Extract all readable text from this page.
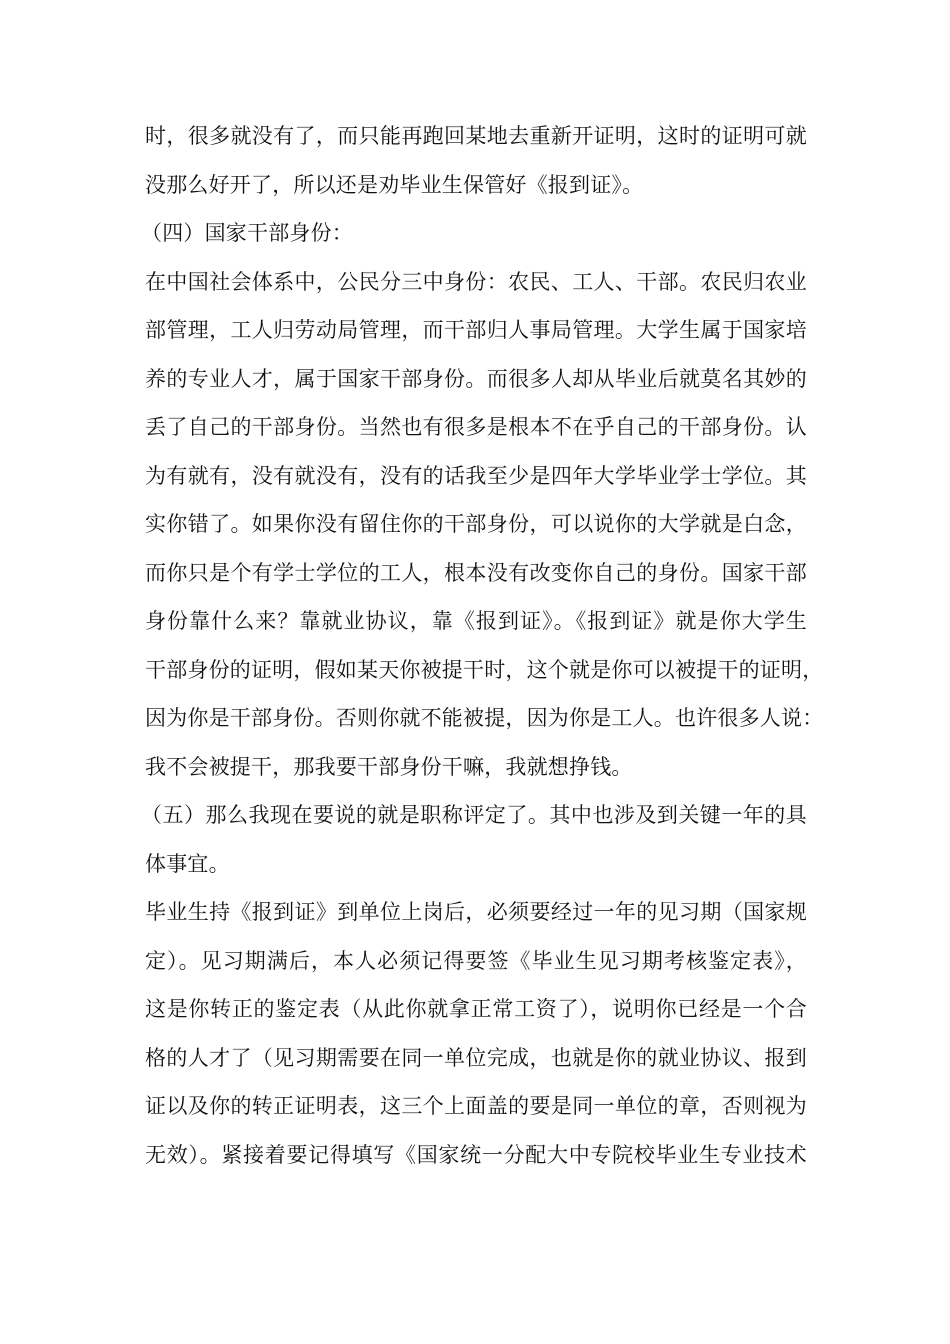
时，很多就没有了，而只能再跑回某地去重新开证明，这时的证明可就
没那么好开了，所以还是劝毕业生保管好《报到证》。
（四）国家干部身份：
在中国社会体系中，公民分三中身份：农民、工人、干部。农民归农业
部管理，工人归劳动局管理，而干部归人事局管理。大学生属于国家培
养的专业人才，属于国家干部身份。而很多人却从毕业后就莫名其妙的
丢了自己的干部身份。当然也有很多是根本不在乎自己的干部身份。认
为有就有，没有就没有，没有的话我至少是四年大学毕业学士学位。其
实你错了。如果你没有留住你的干部身份，可以说你的大学就是白念，
而你只是个有学士学位的工人，根本没有改变你自己的身份。国家干部
身份靠什么来？靠就业协议，靠《报到证》。《报到证》就是你大学生
干部身份的证明，假如某天你被提干时，这个就是你可以被提干的证明，
因为你是干部身份。否则你就不能被提，因为你是工人。也许很多人说：
我不会被提干，那我要干部身份干嘛，我就想挣钱。
（五）那么我现在要说的就是职称评定了。其中也涉及到关键一年的具
体事宜。
毕业生持《报到证》到单位上岗后，必须要经过一年的见习期（国家规
定）。见习期满后，本人必须记得要签《毕业生见习期考核鉴定表》，
这是你转正的鉴定表（从此你就拿正常工资了），说明你已经是一个合
格的人才了（见习期需要在同一单位完成，也就是你的就业协议、报到
证以及你的转正证明表，这三个上面盖的要是同一单位的章，否则视为
无效）。紧接着要记得填写《国家统一分配大中专院校毕业生专业技术
